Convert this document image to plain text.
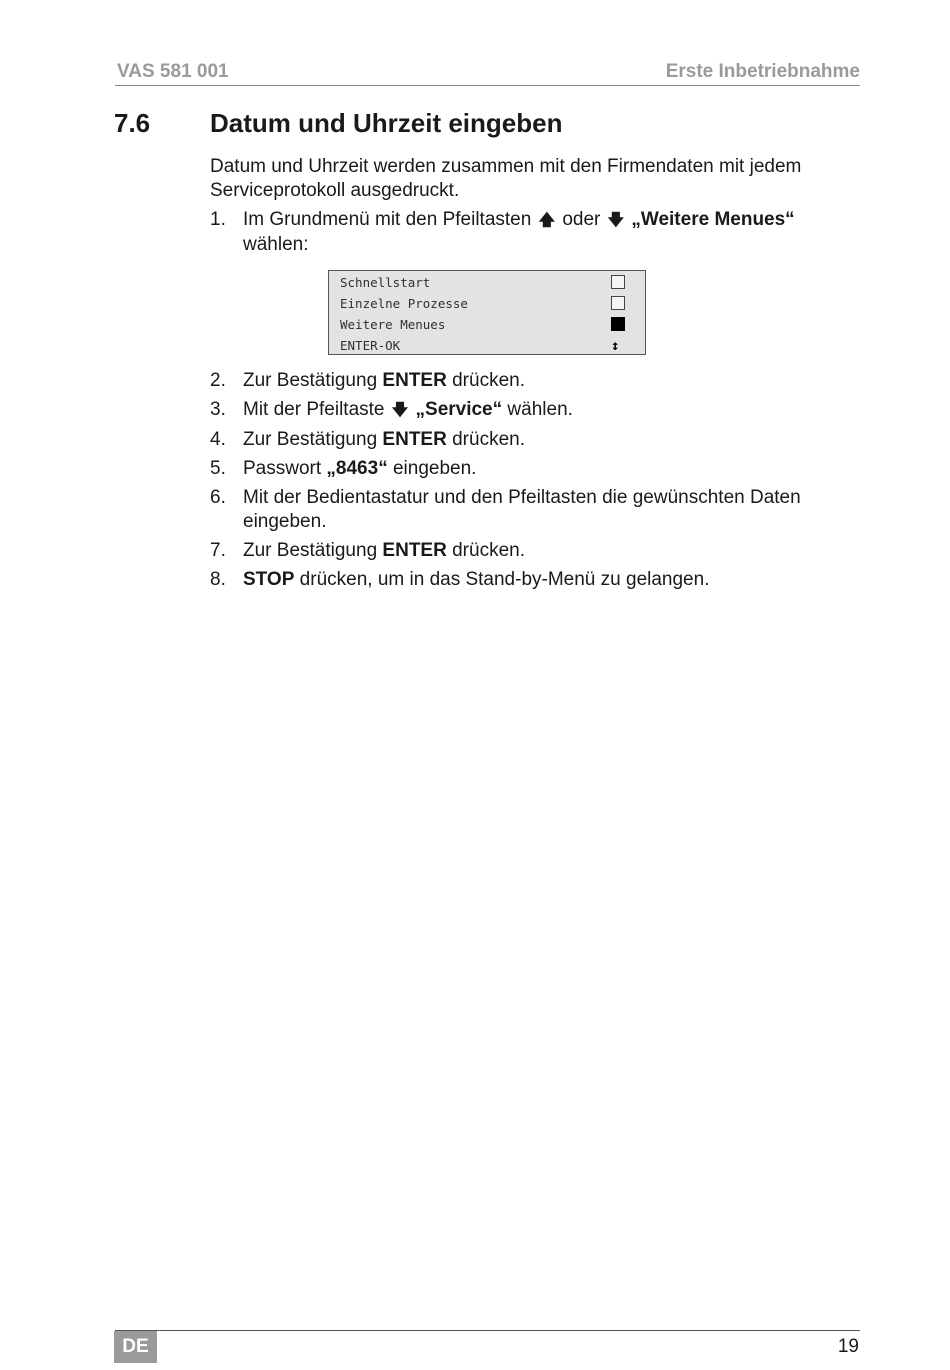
VAS 581 001	Erste Inbetriebnahme
7.6 Datum und Uhrzeit eingeben

Datum und Uhrzeit werden zusammen mit den Firmendaten mit jedem Serviceprotokoll ausgedruckt.

1. Im Grundmenü mit den Pfeiltasten 🡅 oder 🡇 „Weitere Menues“ wählen:
Schnellstart
Einzelne Prozesse
Weitere Menues
ENTER-OK	↕
2. Zur Bestätigung ENTER drücken.
3. Mit der Pfeiltaste 🡇 „Service“ wählen.
4. Zur Bestätigung ENTER drücken.
5. Passwort „8463“ eingeben.
6. Mit der Bedientastatur und den Pfeiltasten die gewünschten Daten eingeben.
7. Zur Bestätigung ENTER drücken.
8. STOP drücken, um in das Stand-by-Menü zu gelangen.
DE	19
